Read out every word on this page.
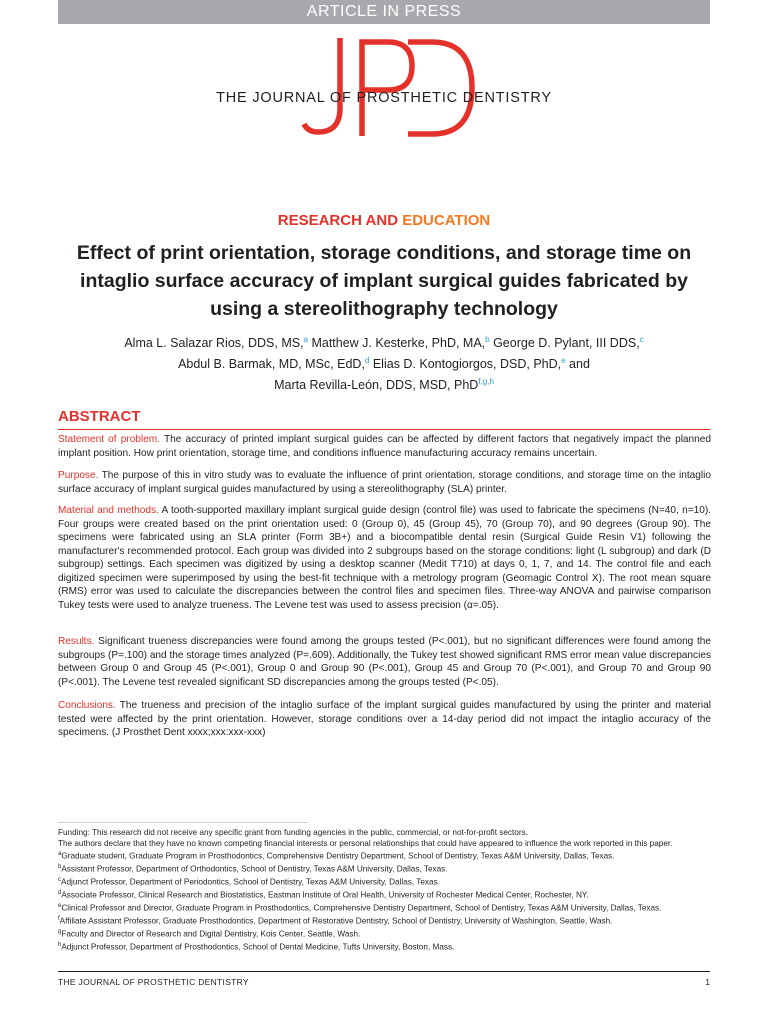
ARTICLE IN PRESS
THE JOURNAL OF PROSTHETIC DENTISTRY
RESEARCH AND EDUCATION
Effect of print orientation, storage conditions, and storage time on intaglio surface accuracy of implant surgical guides fabricated by using a stereolithography technology
Alma L. Salazar Rios, DDS, MS,$^a$ Matthew J. Kesterke, PhD, MA,$^b$ George D. Pylant, III DDS,$^c$
Abdul B. Barmak, MD, MSc, EdD,$^d$ Elias D. Kontogiorgos, DSD, PhD,$^e$ and
Marta Revilla-León, DDS, MSD, PhD$^{f,g,h}$
ABSTRACT
Statement of problem. The accuracy of printed implant surgical guides can be affected by different factors that negatively impact the planned implant position. How print orientation, storage time, and conditions influence manufacturing accuracy remains uncertain.
Purpose. The purpose of this in vitro study was to evaluate the influence of print orientation, storage conditions, and storage time on the intaglio surface accuracy of implant surgical guides manufactured by using a stereolithography (SLA) printer.
Material and methods. A tooth-supported maxillary implant surgical guide design (control file) was used to fabricate the specimens (N=40, n=10). Four groups were created based on the print orientation used: 0 (Group 0), 45 (Group 45), 70 (Group 70), and 90 degrees (Group 90). The specimens were fabricated using an SLA printer (Form 3B+) and a biocompatible dental resin (Surgical Guide Resin V1) following the manufacturer's recommended protocol. Each group was divided into 2 subgroups based on the storage conditions: light (L subgroup) and dark (D subgroup) settings. Each specimen was digitized by using a desktop scanner (Medit T710) at days 0, 1, 7, and 14. The control file and each digitized specimen were superimposed by using the best-fit technique with a metrology program (Geomagic Control X). The root mean square (RMS) error was used to calculate the discrepancies between the control files and specimen files. Three-way ANOVA and pairwise comparison Tukey tests were used to analyze trueness. The Levene test was used to assess precision (α=.05).
Results. Significant trueness discrepancies were found among the groups tested (P<.001), but no significant differences were found among the subgroups (P=.100) and the storage times analyzed (P=.609). Additionally, the Tukey test showed significant RMS error mean value discrepancies between Group 0 and Group 45 (P<.001), Group 0 and Group 90 (P<.001), Group 45 and Group 70 (P<.001), and Group 70 and Group 90 (P<.001). The Levene test revealed significant SD discrepancies among the groups tested (P<.05).
Conclusions. The trueness and precision of the intaglio surface of the implant surgical guides manufactured by using the printer and material tested were affected by the print orientation. However, storage conditions over a 14-day period did not impact the intaglio accuracy of the specimens. (J Prosthet Dent xxxx;xxx:xxx-xxx)
Funding: This research did not receive any specific grant from funding agencies in the public, commercial, or not-for-profit sectors.
The authors declare that they have no known competing financial interests or personal relationships that could have appeared to influence the work reported in this paper.
$^a$Graduate student, Graduate Program in Prosthodontics, Comprehensive Dentistry Department, School of Dentistry, Texas A&M University, Dallas, Texas.
$^b$Assistant Professor, Department of Orthodontics, School of Dentistry, Texas A&M University, Dallas, Texas.
$^c$Adjunct Professor, Department of Periodontics, School of Dentistry, Texas A&M University, Dallas, Texas.
$^d$Associate Professor, Clinical Research and Biostatistics, Eastman Institute of Oral Health, University of Rochester Medical Center, Rochester, NY.
$^e$Clinical Professor and Director, Graduate Program in Prosthodontics, Comprehensive Dentistry Department, School of Dentistry, Texas A&M University, Dallas, Texas.
$^f$Affiliate Assistant Professor, Graduate Prosthodontics, Department of Restorative Dentistry, School of Dentistry, University of Washington, Seattle, Wash.
$^g$Faculty and Director of Research and Digital Dentistry, Kois Center, Seattle, Wash.
$^h$Adjunct Professor, Department of Prosthodontics, School of Dental Medicine, Tufts University, Boston, Mass.
THE JOURNAL OF PROSTHETIC DENTISTRY	1
